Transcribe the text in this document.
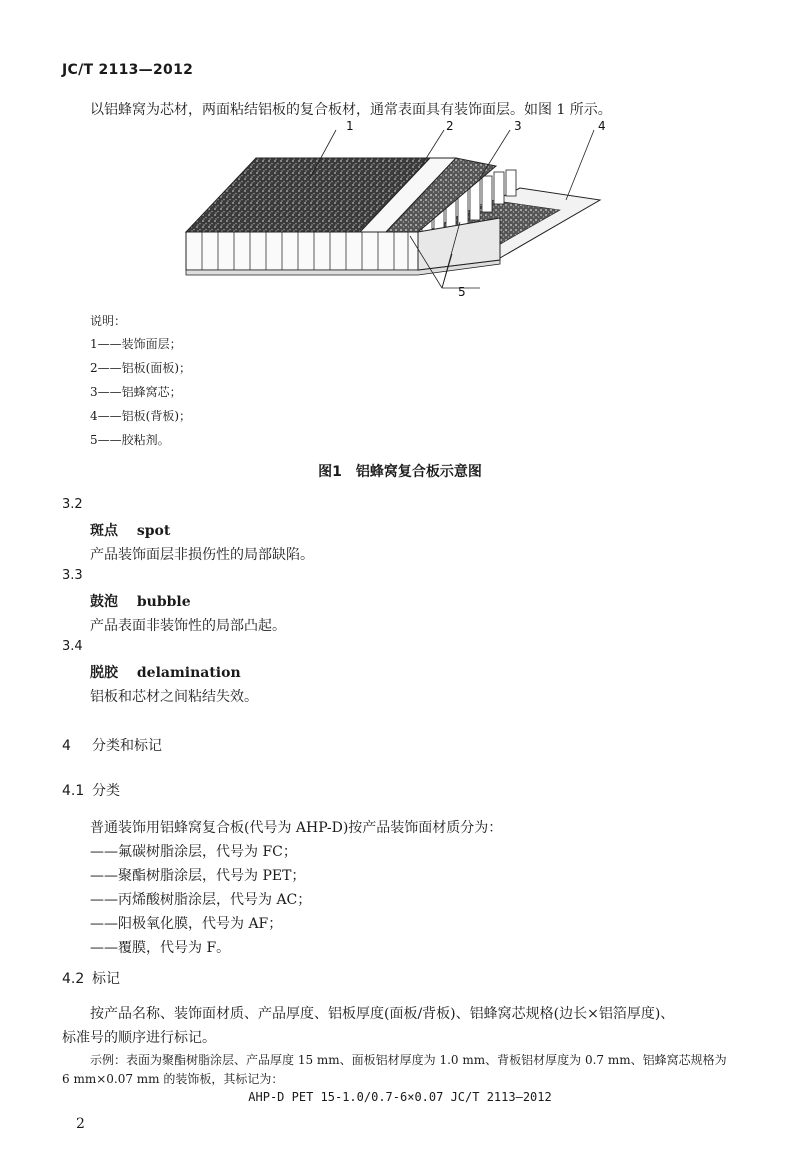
JC/T 2113—2012
以铝蜂窝为芯材，两面粘结铝板的复合板材，通常表面具有装饰面层。如图 1 所示。
1	2	3	4
5
说明：
1——装饰面层；
2——铝板(面板)；
3——铝蜂窝芯；
4——铝板(背板)；
5——胶粘剂。
图1　铝蜂窝复合板示意图
3.2
斑点　 spot
产品装饰面层非损伤性的局部缺陷。
3.3
鼓泡　 bubble
产品表面非装饰性的局部凸起。
3.4
脱胶　 delamination
铝板和芯材之间粘结失效。
4 分类和标记
4.1 分类
普通装饰用铝蜂窝复合板(代号为 AHP-D)按产品装饰面材质分为：
——氟碳树脂涂层，代号为 FC；
——聚酯树脂涂层，代号为 PET；
——丙烯酸树脂涂层，代号为 AC；
——阳极氧化膜，代号为 AF；
——覆膜，代号为 F。
4.2 标记
按产品名称、装饰面材质、产品厚度、铝板厚度(面板/背板)、铝蜂窝芯规格(边长×铝箔厚度)、
标准号的顺序进行标记。
示例：表面为聚酯树脂涂层、产品厚度 15 mm、面板铝材厚度为 1.0 mm、背板铝材厚度为 0.7 mm、铝蜂窝芯规格为
6 mm×0.07 mm 的装饰板，其标记为：
AHP-D PET 15-1.0/0.7-6×0.07 JC/T 2113—2012
2
